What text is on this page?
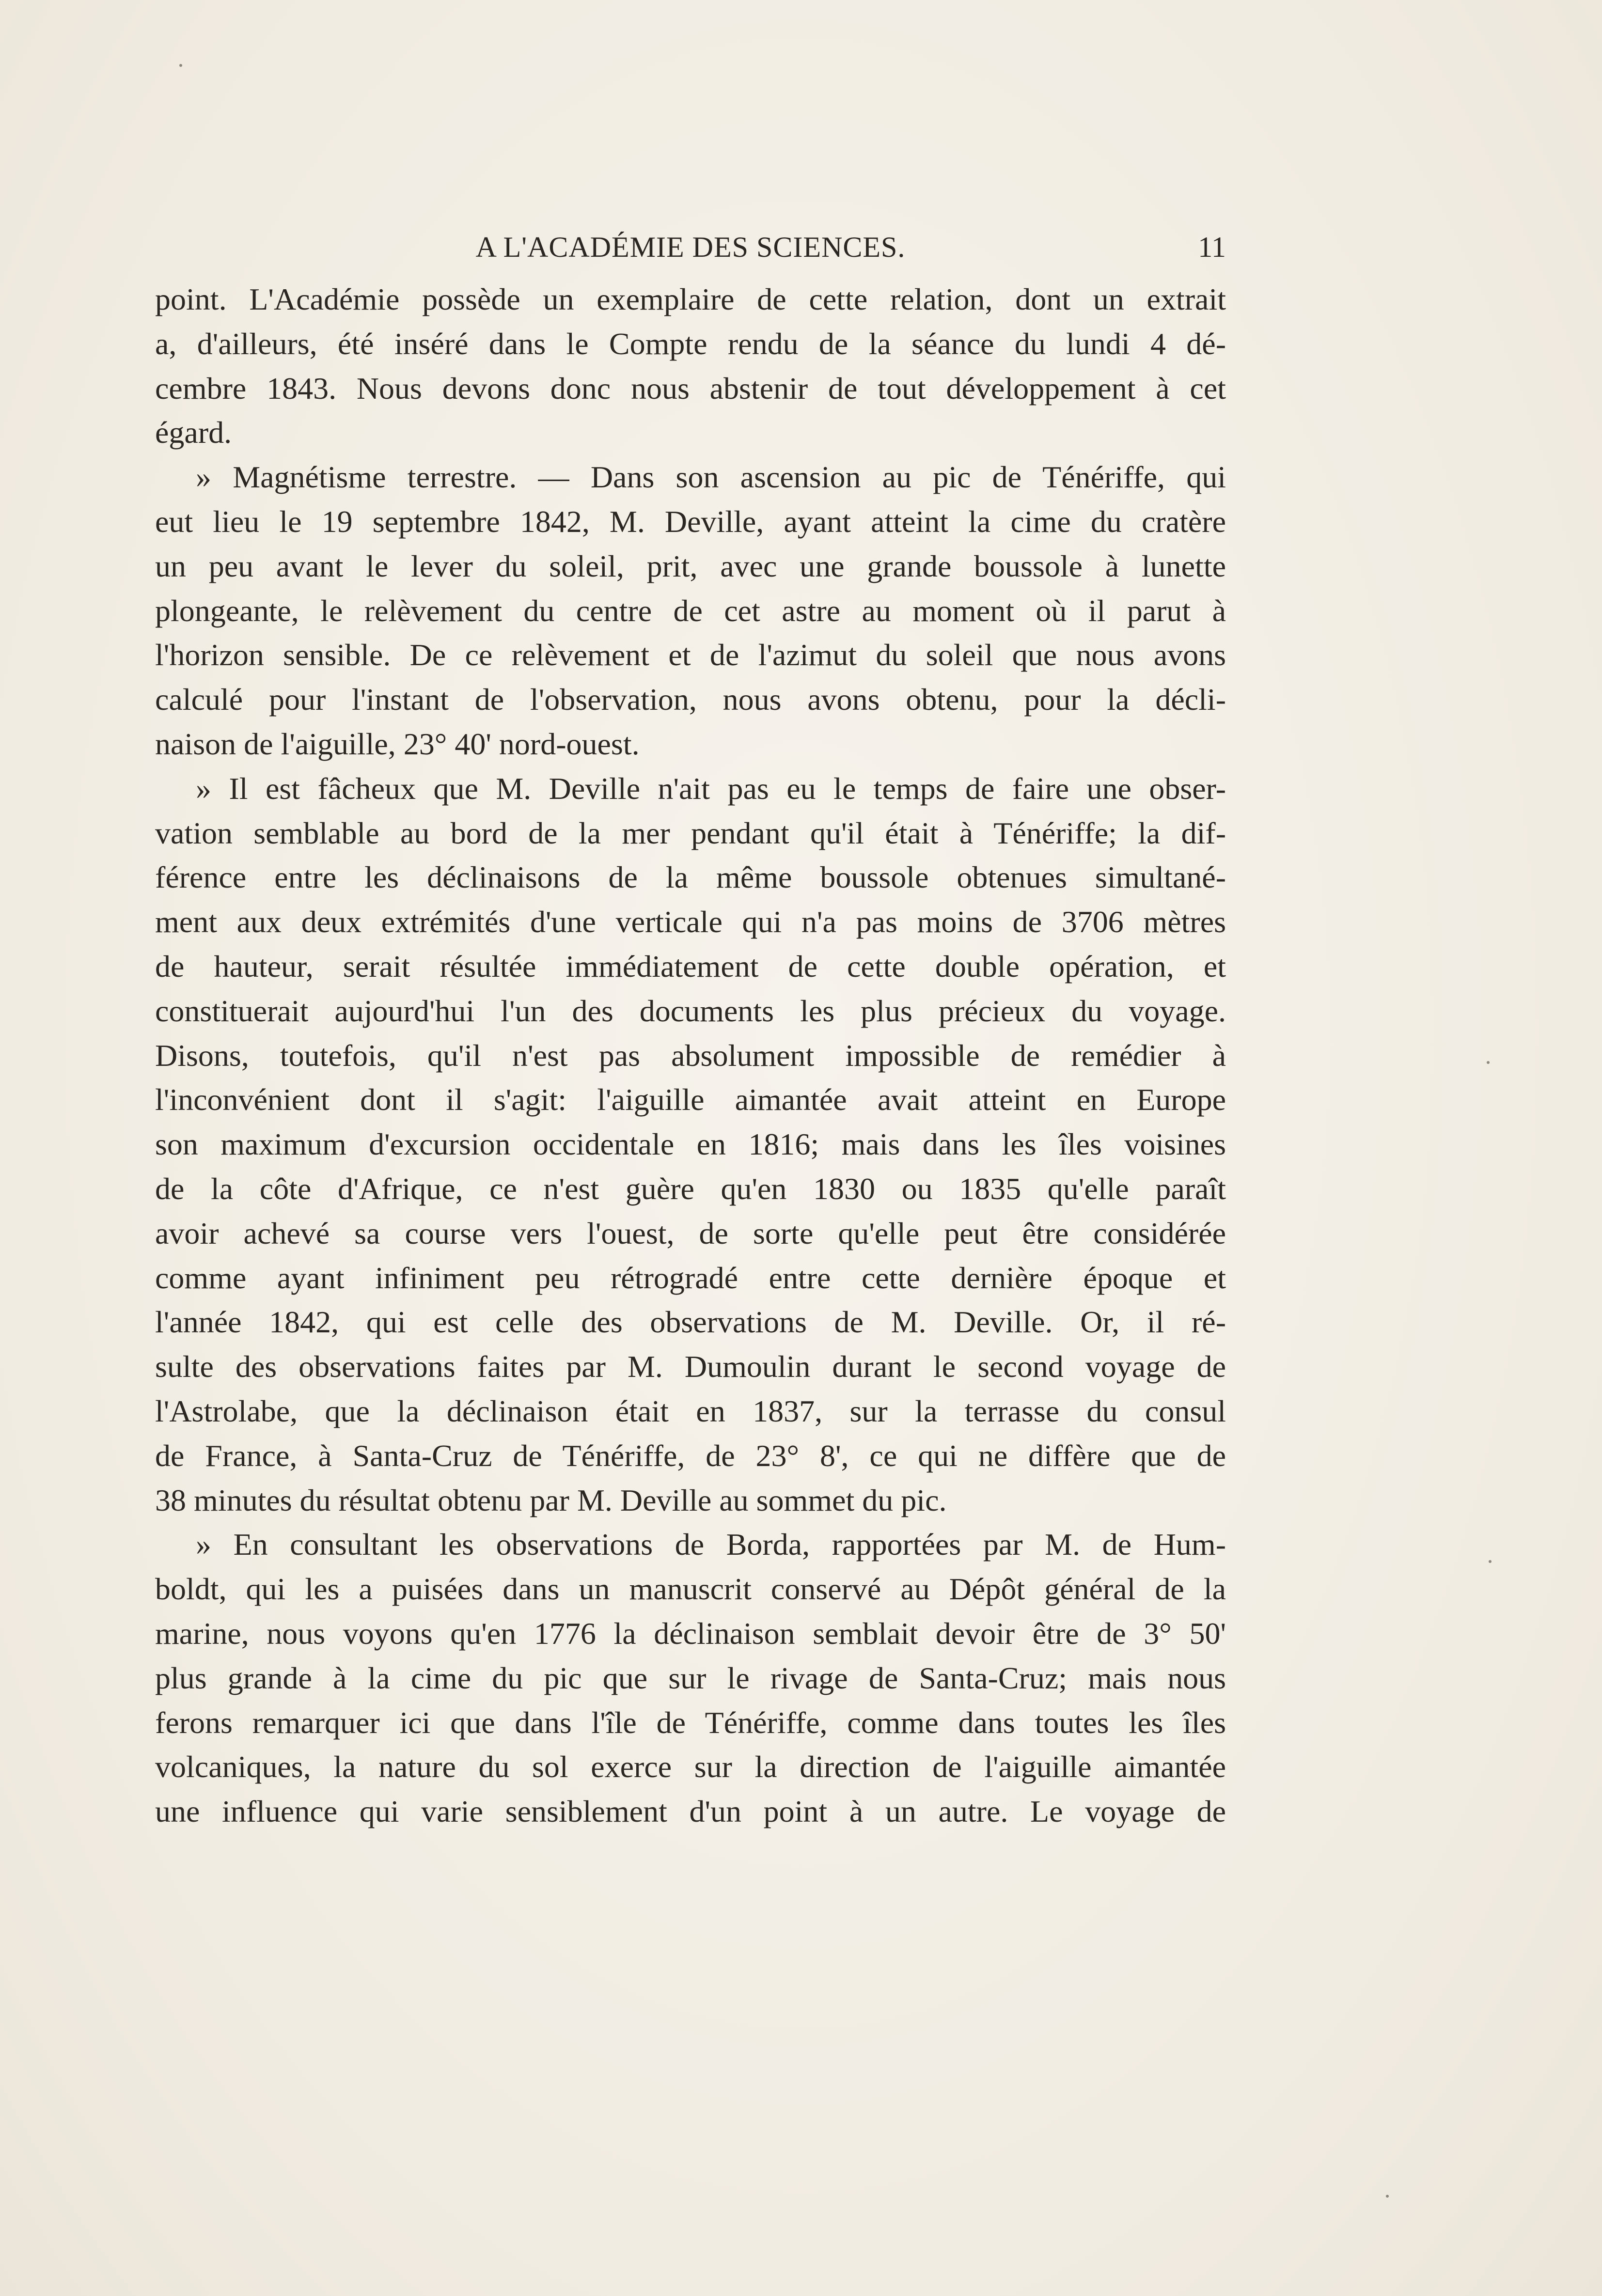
A L'ACADÉMIE DES SCIENCES.	11
point. L'Académie possède un exemplaire de cette relation, dont un extrait
a, d'ailleurs, été inséré dans le Compte rendu de la séance du lundi 4 dé-
cembre 1843. Nous devons donc nous abstenir de tout développement à cet
égard.
» Magnétisme terrestre. — Dans son ascension au pic de Ténériffe, qui
eut lieu le 19 septembre 1842, M. Deville, ayant atteint la cime du cratère
un peu avant le lever du soleil, prit, avec une grande boussole à lunette
plongeante, le relèvement du centre de cet astre au moment où il parut à
l'horizon sensible. De ce relèvement et de l'azimut du soleil que nous avons
calculé pour l'instant de l'observation, nous avons obtenu, pour la décli-
naison de l'aiguille, 23° 40' nord-ouest.
» Il est fâcheux que M. Deville n'ait pas eu le temps de faire une obser-
vation semblable au bord de la mer pendant qu'il était à Ténériffe; la dif-
férence entre les déclinaisons de la même boussole obtenues simultané-
ment aux deux extrémités d'une verticale qui n'a pas moins de 3706 mètres
de hauteur, serait résultée immédiatement de cette double opération, et
constituerait aujourd'hui l'un des documents les plus précieux du voyage.
Disons, toutefois, qu'il n'est pas absolument impossible de remédier à
l'inconvénient dont il s'agit: l'aiguille aimantée avait atteint en Europe
son maximum d'excursion occidentale en 1816; mais dans les îles voisines
de la côte d'Afrique, ce n'est guère qu'en 1830 ou 1835 qu'elle paraît
avoir achevé sa course vers l'ouest, de sorte qu'elle peut être considérée
comme ayant infiniment peu rétrogradé entre cette dernière époque et
l'année 1842, qui est celle des observations de M. Deville. Or, il ré-
sulte des observations faites par M. Dumoulin durant le second voyage de
l'Astrolabe, que la déclinaison était en 1837, sur la terrasse du consul
de France, à Santa-Cruz de Ténériffe, de 23° 8', ce qui ne diffère que de
38 minutes du résultat obtenu par M. Deville au sommet du pic.
» En consultant les observations de Borda, rapportées par M. de Hum-
boldt, qui les a puisées dans un manuscrit conservé au Dépôt général de la
marine, nous voyons qu'en 1776 la déclinaison semblait devoir être de 3° 50'
plus grande à la cime du pic que sur le rivage de Santa-Cruz; mais nous
ferons remarquer ici que dans l'île de Ténériffe, comme dans toutes les îles
volcaniques, la nature du sol exerce sur la direction de l'aiguille aimantée
une influence qui varie sensiblement d'un point à un autre. Le voyage de
